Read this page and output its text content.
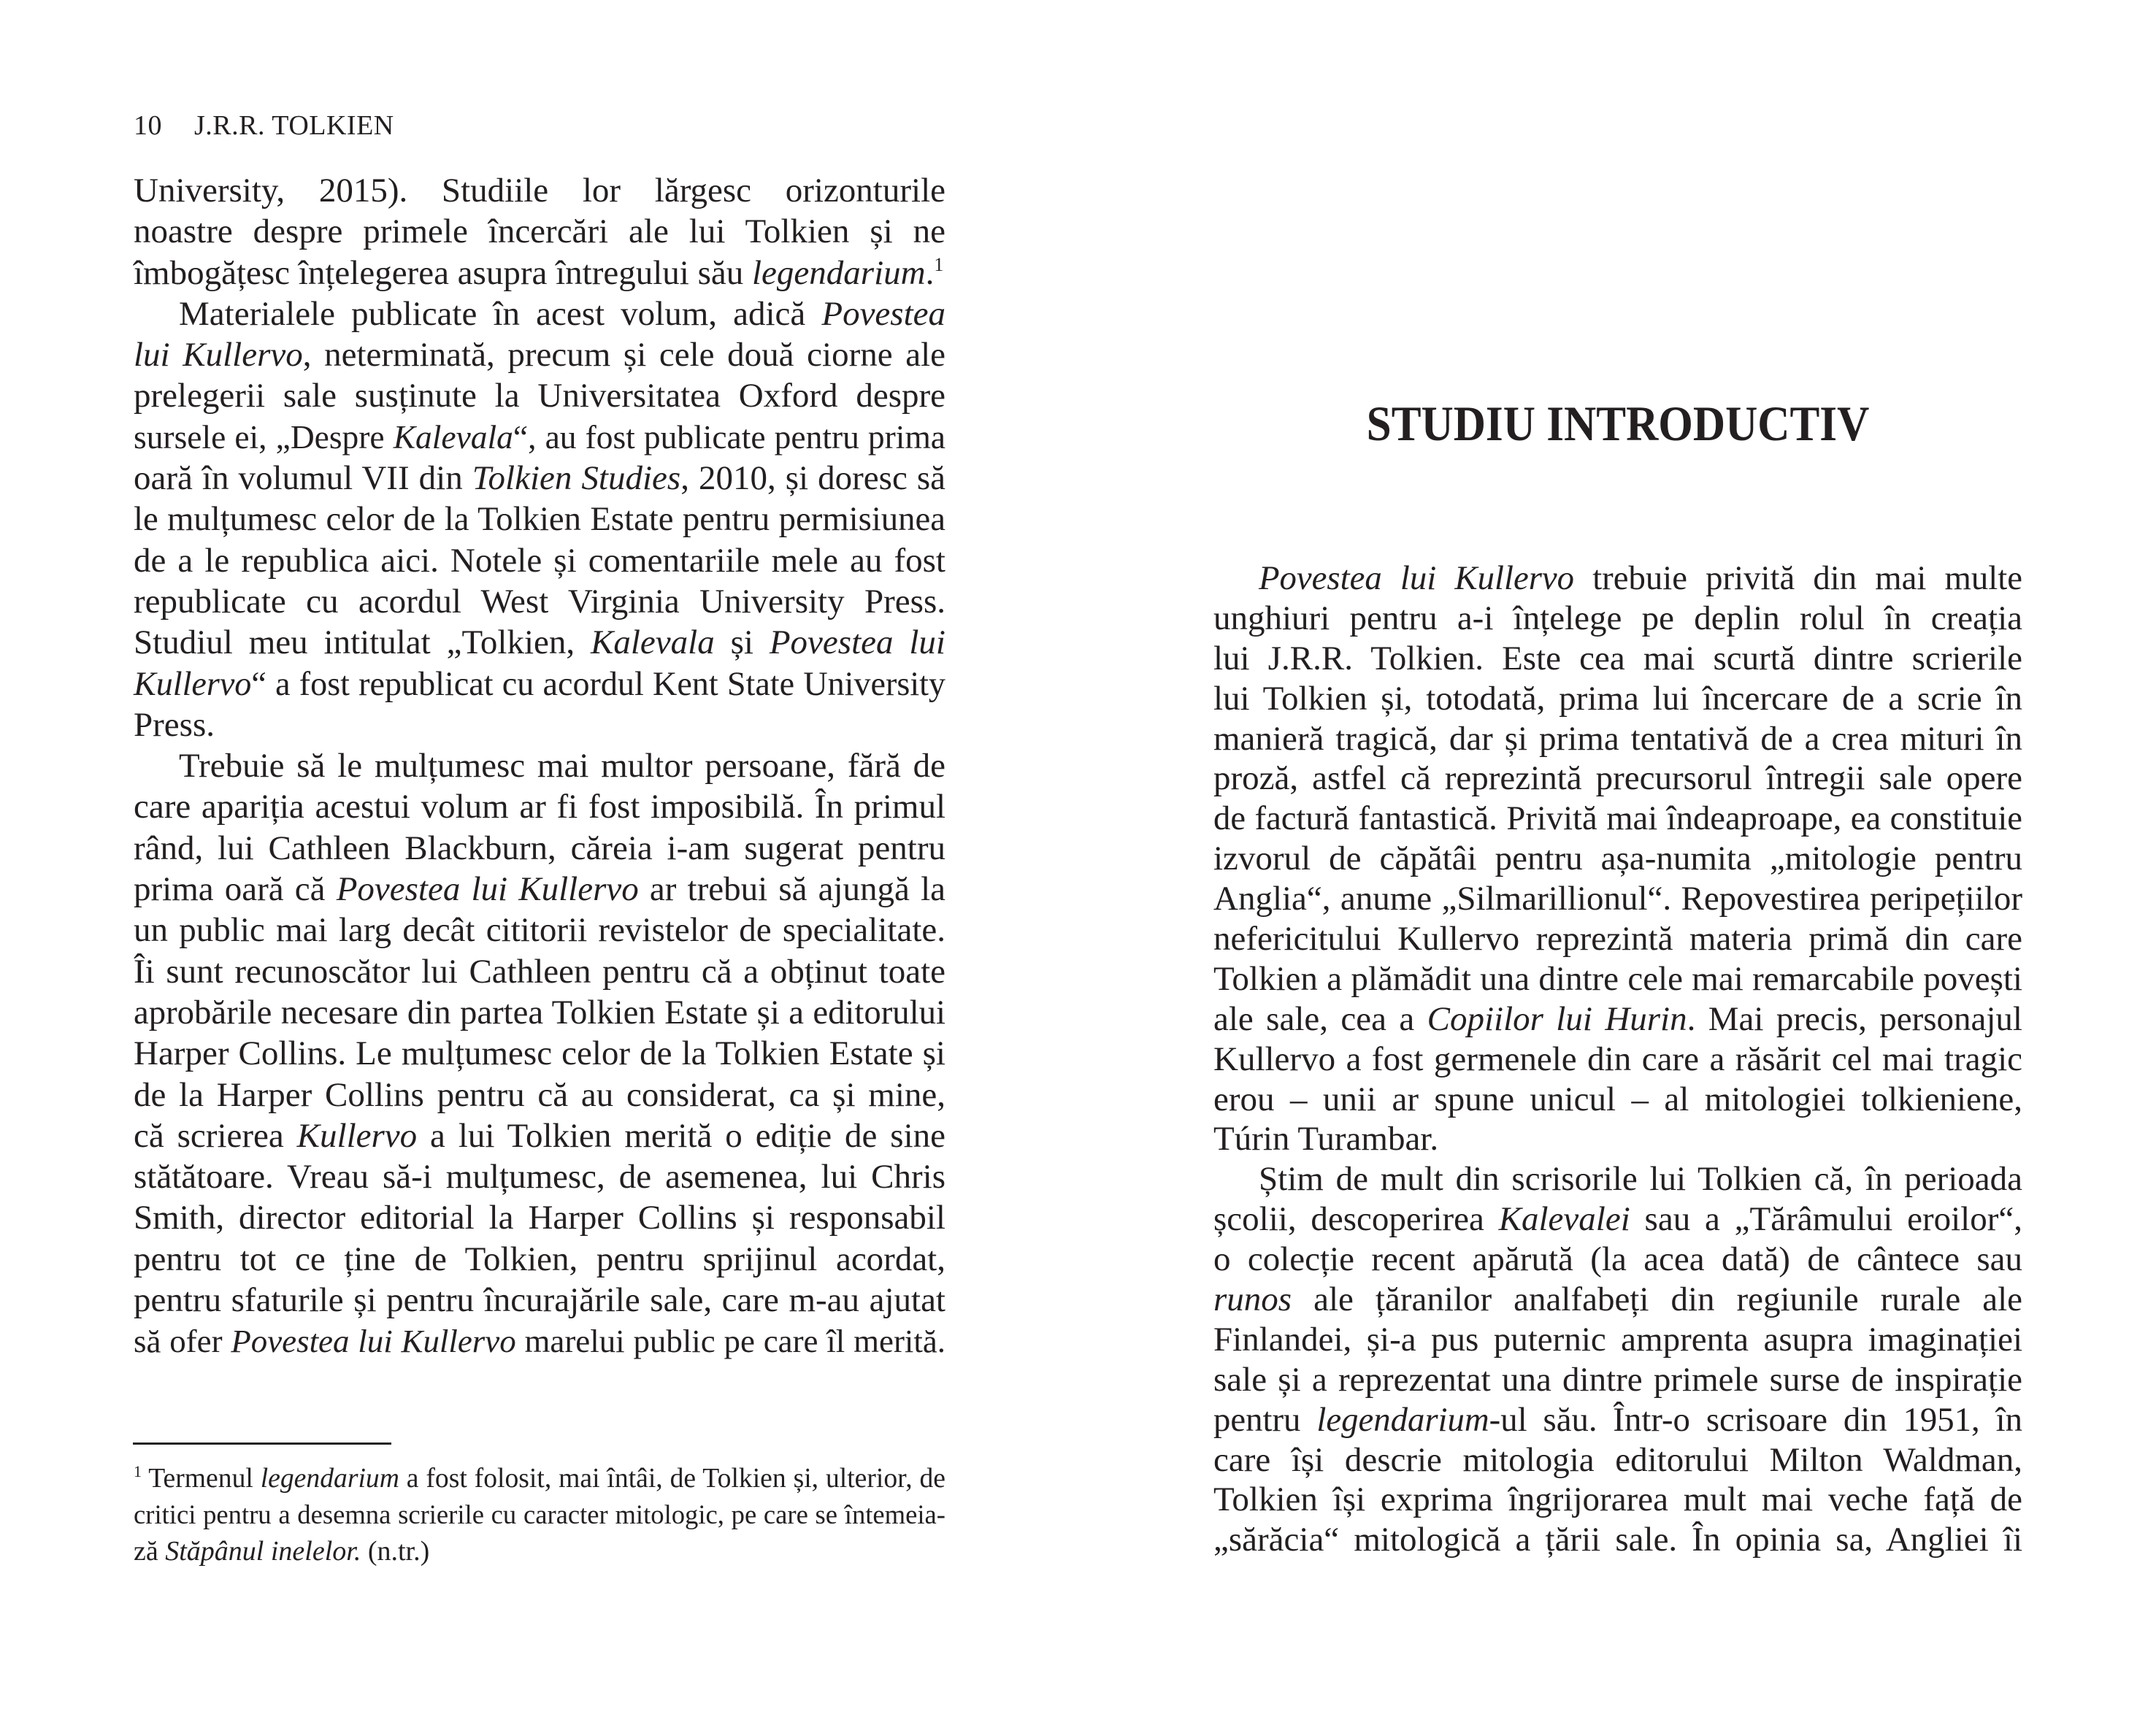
10 J.R.R. TOLKIEN
University, 2015). Studiile lor lărgesc orizonturile
noastre despre primele încercări ale lui Tolkien și ne
îmbogățesc înțelegerea asupra întregului său legendarium.$^1$
Materialele publicate în acest volum, adică Povestea
lui Kullervo, neterminată, precum și cele două ciorne ale
prelegerii sale susținute la Universitatea Oxford despre
sursele ei, „Despre Kalevala“, au fost publicate pentru prima
oară în volumul VII din Tolkien Studies, 2010, și doresc să
le mulțumesc celor de la Tolkien Estate pentru permisiunea
de a le republica aici. Notele și comentariile mele au fost
republicate cu acordul West Virginia University Press.
Studiul meu intitulat „Tolkien, Kalevala și Povestea lui
Kullervo“ a fost republicat cu acordul Kent State University
Press.
Trebuie să le mulțumesc mai multor persoane, fără de
care apariția acestui volum ar fi fost imposibilă. În primul
rând, lui Cathleen Blackburn, căreia i-am sugerat pentru
prima oară că Povestea lui Kullervo ar trebui să ajungă la
un public mai larg decât cititorii revistelor de specialitate.
Îi sunt recunoscător lui Cathleen pentru că a obținut toate
aprobările necesare din partea Tolkien Estate și a editorului
Harper Collins. Le mulțumesc celor de la Tolkien Estate și
de la Harper Collins pentru că au considerat, ca și mine,
că scrierea Kullervo a lui Tolkien merită o ediție de sine
stătătoare. Vreau să-i mulțumesc, de asemenea, lui Chris
Smith, director editorial la Harper Collins și responsabil
pentru tot ce ține de Tolkien, pentru sprijinul acordat,
pentru sfaturile și pentru încurajările sale, care m-au ajutat
să ofer Povestea lui Kullervo marelui public pe care îl merită.
$^1$ Termenul legendarium a fost folosit, mai întâi, de Tolkien și, ulterior, de
critici pentru a desemna scrierile cu caracter mitologic, pe care se întemeia-
ză Stăpânul inelelor. (n.tr.)
STUDIU INTRODUCTIV
Povestea lui Kullervo trebuie privită din mai multe
unghiuri pentru a-i înțelege pe deplin rolul în creația
lui J.R.R. Tolkien. Este cea mai scurtă dintre scrierile
lui Tolkien și, totodată, prima lui încercare de a scrie în
manieră tragică, dar și prima tentativă de a crea mituri în
proză, astfel că reprezintă precursorul întregii sale opere
de factură fantastică. Privită mai îndeaproape, ea constituie
izvorul de căpătâi pentru așa-numita „mitologie pentru
Anglia“, anume „Silmarillionul“. Repovestirea peripețiilor
nefericitului Kullervo reprezintă materia primă din care
Tolkien a plămădit una dintre cele mai remarcabile povești
ale sale, cea a Copiilor lui Hurin. Mai precis, personajul
Kullervo a fost germenele din care a răsărit cel mai tragic
erou – unii ar spune unicul – al mitologiei tolkieniene,
Túrin Turambar.
Știm de mult din scrisorile lui Tolkien că, în perioada
școlii, descoperirea Kalevalei sau a „Tărâmului eroilor“,
o colecție recent apărută (la acea dată) de cântece sau
runos ale țăranilor analfabeți din regiunile rurale ale
Finlandei, și-a pus puternic amprenta asupra imaginației
sale și a reprezentat una dintre primele surse de inspirație
pentru legendarium-ul său. Într-o scrisoare din 1951, în
care își descrie mitologia editorului Milton Waldman,
Tolkien își exprima îngrijorarea mult mai veche față de
„sărăcia“ mitologică a țării sale. În opinia sa, Angliei îi
